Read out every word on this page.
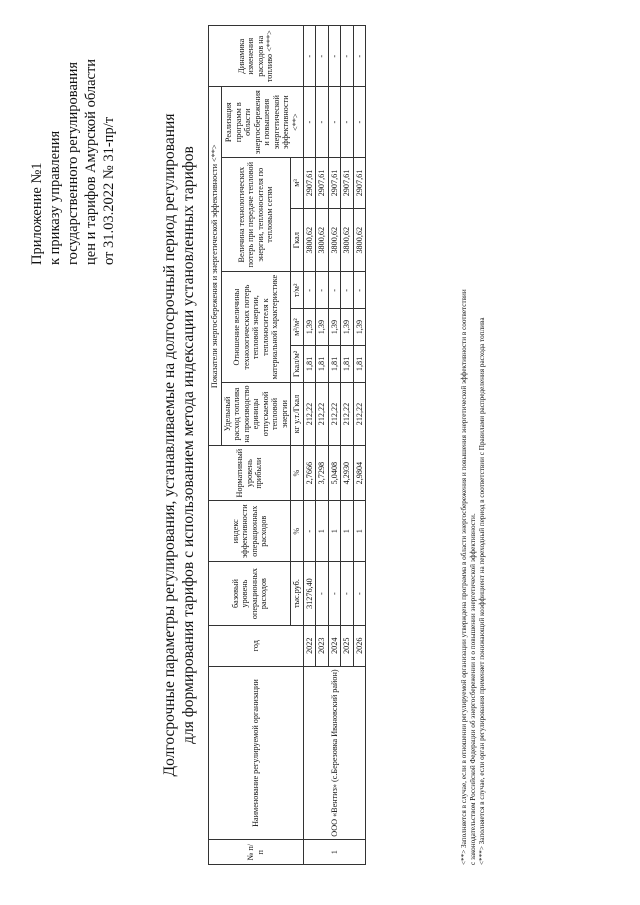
Приложение №1 к приказу управления государственного регулирования цен и тарифов Амурской области от 31.03.2022 № 31-пр/т	Долгосрочные параметры регулирования, устанавливаемые на долгосрочный период регулирования для формирования тарифов с использованием метода индексации установленных тарифов
№ п/ п	Наименование регулируемой организации	год	базовый уровень операционных расходов	индекс эффективности операционных расходов	Нормативный уровень прибыли	Показатели энергосбережения и энергетической эффективности <**>							Динамика изменения расходов на топливо <***>
						Удельный расход топлива на производство единицы отпускаемой тепловой энергии	Отношение величины технологических потерь тепловой энергии, теплоносителя к материальной характеристике			Величина технологических потерь при передаче тепловой энергии, теплоносителя по тепловым сетям		Реализация программ в области энергосбережения и повышения энергетической эффективности <**>	
			тыс.руб.	%	%	кг у.т./Гкал	Гкал/м²	м³/м²	т/м²	Гкал	м³		
1	ООО «Вентиз» (с.Березовка Ивановский район)	2022	31276,40	-	2,7666	212,22	1,81	1,39	-	3800,62	2907,61	-	-
		2023	-	1	3,7298	212,22	1,81	1,39	-	3800,62	2907,61	-	-
		2024	-	1	5,0408	212,22	1,81	1,39	-	3800,62	2907,61	-	-
		2025	-	1	4,2930	212,22	1,81	1,39	-	3800,62	2907,61	-	-
		2026	-	1	2,9804	212,22	1,81	1,39	-	3800,62	2907,61	-	-
<**> Заполняется в случае, если в отношении регулируемой организации утверждена программа в области энергосбережения и повышения энергетической эффективности в соответствии с законодательством Российской Федерации об энергосбережении и о повышении энергетической эффективности. <***> Заполняется в случае, если орган регулирования применяет понижающий коэффициент на переходный период в соответствии с Правилами распределения расхода топлива
